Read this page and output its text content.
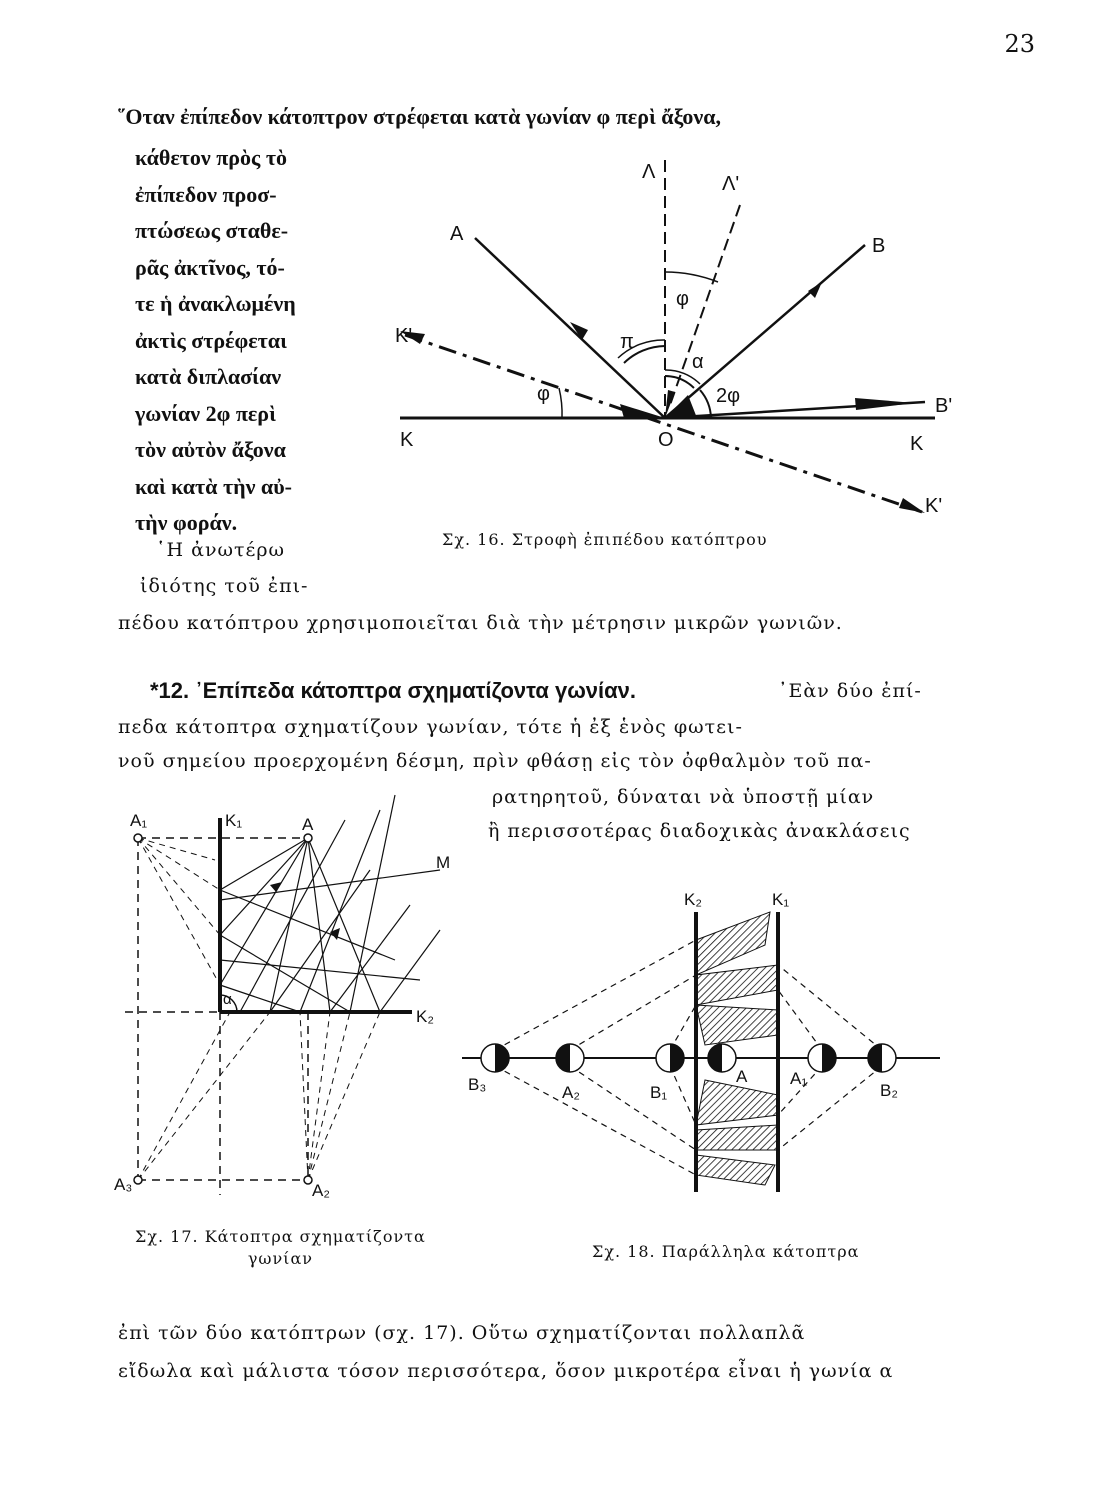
23
῞Οταν ἐπίπεδον κάτοπτρον στρέφεται κατὰ γωνίαν φ περὶ ἄξονα,
κάθετον πρὸς τὸ
ἐπίπεδον προσ-
πτώσεως σταθε-
ρᾶς ἀκτῖνος, τό-
τε ἡ ἀνακλωμένη
ἀκτὶς στρέφεται
κατὰ διπλασίαν
γωνίαν 2φ περὶ
τὸν αὐτὸν ἄξονα
καὶ κατὰ τὴν αὐ-
τὴν φοράν.
῾Η ἀνωτέρω
ἰδιότης τοῦ ἐπι-
πέδου κατόπτρου χρησιμοποιεῖται διὰ τὴν μέτρησιν μικρῶν γωνιῶν.
A
Λ
Λ'
B
B'
K'
K	K
K'
O
φ
φ
π
α
2φ
Σχ. 16. Στροφὴ ἐπιπέδου κατόπτρου
*12. ᾿Επίπεδα κάτοπτρα σχηματίζοντα γωνίαν.	᾿Εὰν δύο ἐπί-
πεδα κάτοπτρα σχηματίζουν γωνίαν, τότε ἡ ἐξ ἑνὸς φωτει-
νοῦ σημείου προερχομένη δέσμη, πρὶν φθάσῃ εἰς τὸν ὀφθαλμὸν τοῦ πα-
ρατηρητοῦ, δύναται νὰ ὑποστῇ μίαν
ἢ περισσοτέρας διαδοχικὰς ἀνακλάσεις
A₁	K₁	A
M
α
K₂
A₃	A₂
Σχ. 17. Κάτοπτρα σχηματίζοντα
γωνίαν
K₂	K₁
B₃	A₂	B₁
A	A₁
B₂
Σχ. 18. Παράλληλα κάτοπτρα
ἐπὶ τῶν δύο κατόπτρων (σχ. 17). Οὕτω σχηματίζονται πολλαπλᾶ
εἴδωλα καὶ μάλιστα τόσον περισσότερα, ὅσον μικροτέρα εἶναι ἡ γωνία α
